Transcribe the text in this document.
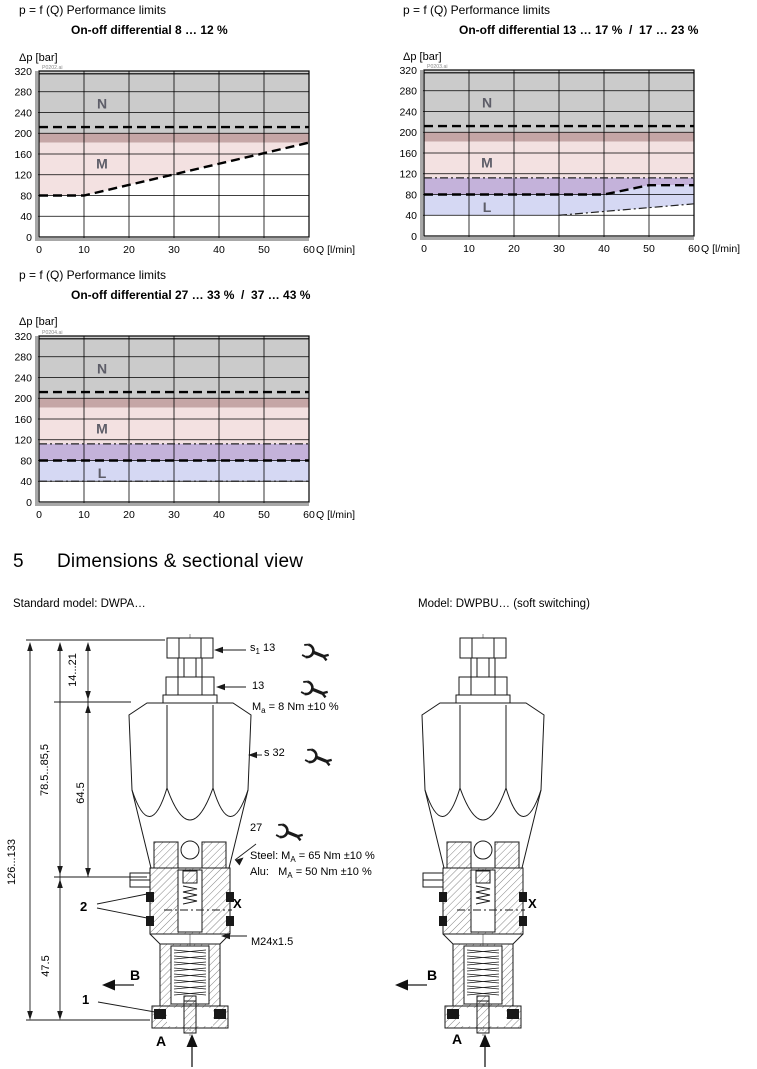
p = f (Q) Performance limits
On-off differential 8 … 12 %
Δp [bar]
N
M
P0202.ai
0
40
80
120
160
200
240
280
320
0	10	20	30	40	50	60 Q [l/min]
p = f (Q) Performance limits
On-off differential 13 … 17 %  /  17 … 23 %
Δp [bar]
N
M
L
P0203.ai
0
40
80
120
160
200
240
280
320
0	10	20	30	40	50	60 Q [l/min]
p = f (Q) Performance limits
On-off differential 27 … 33 %  /  37 … 43 %
Δp [bar]
N
M
L
P0204.ai
0
40
80
120
160
200
240
280
320
0	10	20	30	40	50	60 Q [l/min]
5 Dimensions & sectional view
Standard model: DWPA…	Model: DWPBU… (soft switching)
$s_1$ 13
13
$M_a = 8$ Nm ±10 %
s 32
27
Steel: $M_A = 65$ Nm ±10 %
Alu:   $M_A = 50$ Nm ±10 %
M24x1.5
X
2
1
B
A
126...133
78.5...85,5 64.5
14...21
47.5
X
B
A
